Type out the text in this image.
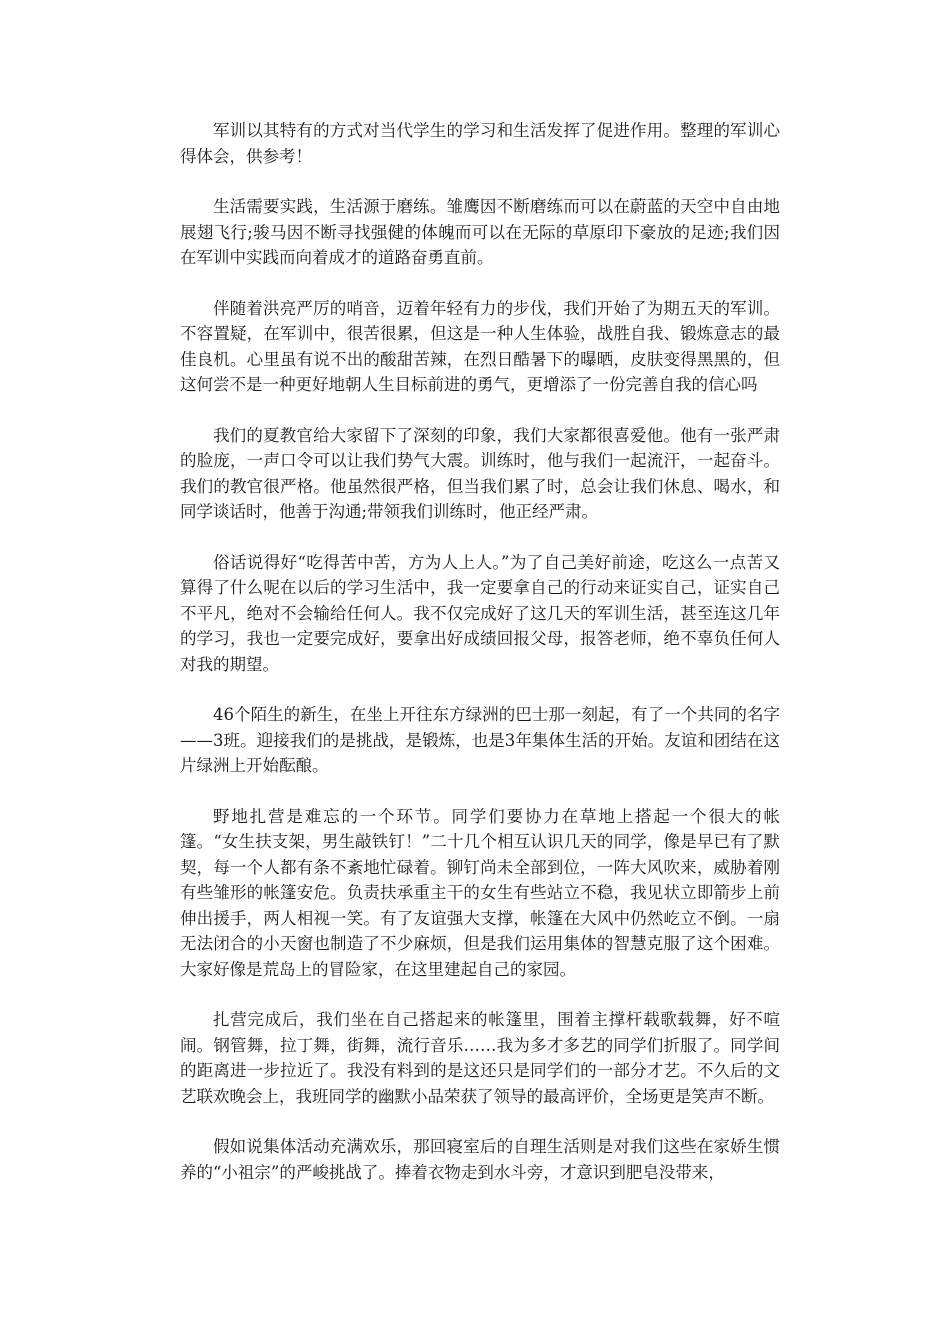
军训以其特有的方式对当代学生的学习和生活发挥了促进作用。整理的军训心得体会，供参考！

生活需要实践，生活源于磨练。雏鹰因不断磨练而可以在蔚蓝的天空中自由地展翅飞行;骏马因不断寻找强健的体魄而可以在无际的草原印下豪放的足迹;我们因在军训中实践而向着成才的道路奋勇直前。

伴随着洪亮严厉的哨音，迈着年轻有力的步伐，我们开始了为期五天的军训。不容置疑，在军训中，很苦很累，但这是一种人生体验，战胜自我、锻炼意志的最佳良机。心里虽有说不出的酸甜苦辣，在烈日酷暑下的曝晒，皮肤变得黑黑的，但这何尝不是一种更好地朝人生目标前进的勇气，更增添了一份完善自我的信心吗

我们的夏教官给大家留下了深刻的印象，我们大家都很喜爱他。他有一张严肃的脸庞，一声口令可以让我们势气大震。训练时，他与我们一起流汗，一起奋斗。我们的教官很严格。他虽然很严格，但当我们累了时，总会让我们休息、喝水，和同学谈话时，他善于沟通;带领我们训练时，他正经严肃。

俗话说得好“吃得苦中苦，方为人上人。”为了自己美好前途，吃这么一点苦又算得了什么呢在以后的学习生活中，我一定要拿自己的行动来证实自己，证实自己不平凡，绝对不会输给任何人。我不仅完成好了这几天的军训生活，甚至连这几年的学习，我也一定要完成好，要拿出好成绩回报父母，报答老师，绝不辜负任何人对我的期望。

46个陌生的新生，在坐上开往东方绿洲的巴士那一刻起，有了一个共同的名字——3班。迎接我们的是挑战，是锻炼，也是3年集体生活的开始。友谊和团结在这片绿洲上开始酝酿。

野地扎营是难忘的一个环节。同学们要协力在草地上搭起一个很大的帐篷。“女生扶支架，男生敲铁钉！”二十几个相互认识几天的同学，像是早已有了默契，每一个人都有条不紊地忙碌着。铆钉尚未全部到位，一阵大风吹来，威胁着刚有些雏形的帐篷安危。负责扶承重主干的女生有些站立不稳，我见状立即箭步上前伸出援手，两人相视一笑。有了友谊强大支撑，帐篷在大风中仍然屹立不倒。一扇无法闭合的小天窗也制造了不少麻烦，但是我们运用集体的智慧克服了这个困难。大家好像是荒岛上的冒险家，在这里建起自己的家园。

扎营完成后，我们坐在自己搭起来的帐篷里，围着主撑杆载歌载舞，好不喧闹。钢管舞，拉丁舞，街舞，流行音乐……我为多才多艺的同学们折服了。同学间的距离进一步拉近了。我没有料到的是这还只是同学们的一部分才艺。不久后的文艺联欢晚会上，我班同学的幽默小品荣获了领导的最高评价，全场更是笑声不断。

假如说集体活动充满欢乐，那回寝室后的自理生活则是对我们这些在家娇生惯养的“小祖宗”的严峻挑战了。捧着衣物走到水斗旁，才意识到肥皂没带来，
